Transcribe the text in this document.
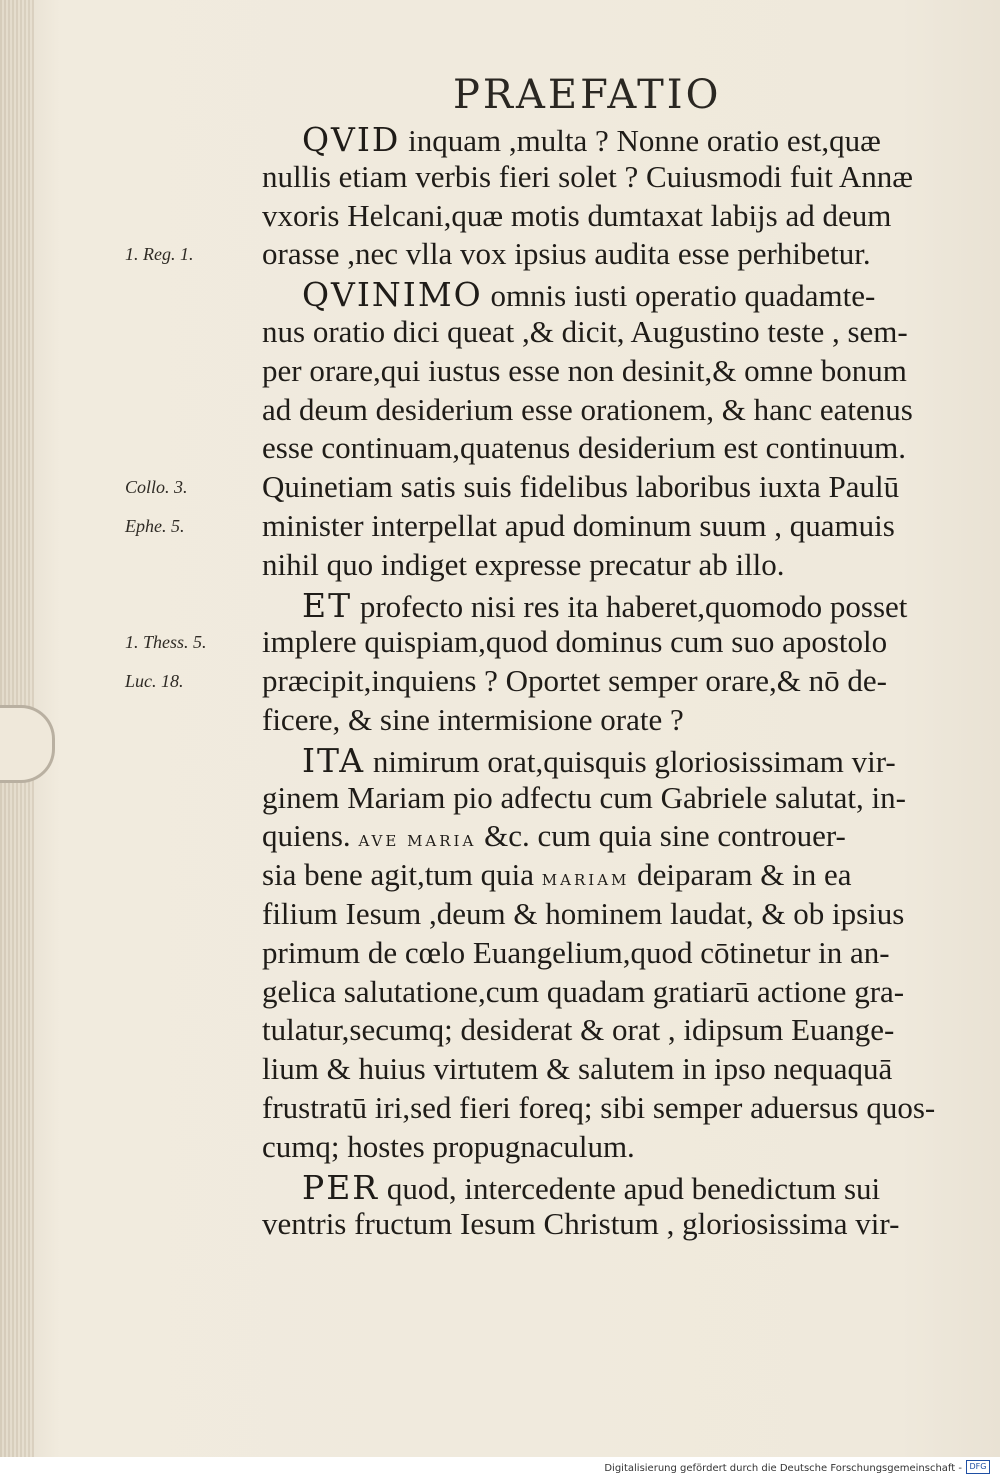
PRAEFATIO
QVID inquam ,multa ? Nonne oratio est,quæ
nullis etiam verbis fieri solet ? Cuiusmodi fuit Annæ
vxoris Helcani,quæ motis dumtaxat labijs ad deum
orasse ,nec vlla vox ipsius audita esse perhibetur.
QVINIMO omnis iusti operatio quadamte-
nus oratio dici queat ,& dicit, Augustino teste , sem-
per orare,qui iustus esse non desinit,& omne bonum
ad deum desiderium esse orationem, & hanc eatenus
esse continuam,quatenus desiderium est continuum.
Quinetiam satis suis fidelibus laboribus iuxta Paulū
minister interpellat apud dominum suum , quamuis
nihil quo indiget expresse precatur ab illo.
ET profecto nisi res ita haberet,quomodo posset
implere quispiam,quod dominus cum suo apostolo
præcipit,inquiens ? Oportet semper orare,& nō de-
ficere, & sine intermisione orate ?
ITA nimirum orat,quisquis gloriosissimam vir-
ginem Mariam pio adfectu cum Gabriele salutat, in-
quiens. AVE MARIA &c. cum quia sine controuer-
sia bene agit,tum quia MARIAM deiparam & in ea
filium Iesum ,deum & hominem laudat, & ob ipsius
primum de cœlo Euangelium,quod cōtinetur in an-
gelica salutatione,cum quadam gratiarū actione gra-
tulatur,secumq; desiderat & orat , idipsum Euange-
lium & huius virtutem & salutem in ipso nequaquā
frustratū iri,sed fieri foreq; sibi semper aduersus quos-
cumq; hostes propugnaculum.
PER quod, intercedente apud benedictum sui
ventris fructum Iesum Christum , gloriosissima vir-
1. Reg. 1.
Collo. 3.
Ephe. 5.
1. Thess. 5.
Luc. 18.
Digitalisierung gefördert durch die Deutsche Forschungsgemeinschaft - DFG
